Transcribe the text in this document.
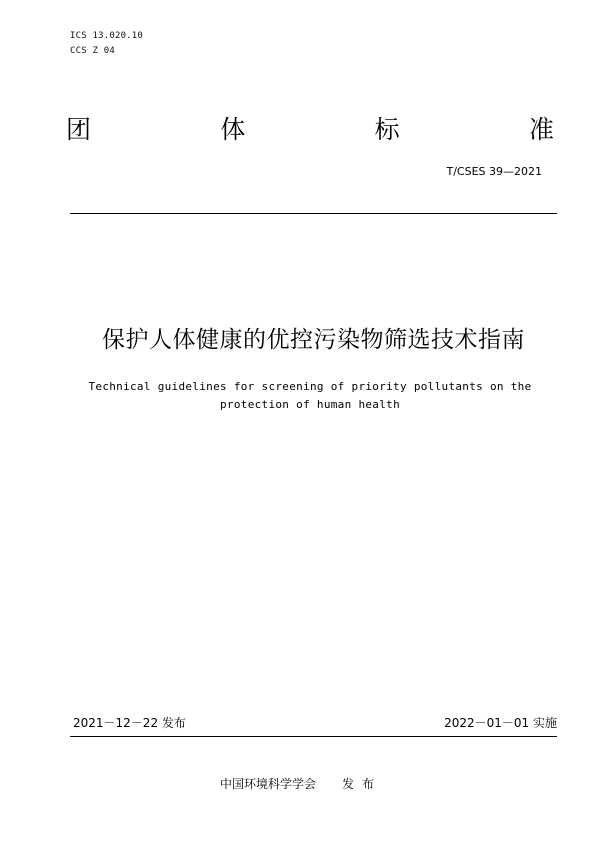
ICS 13.020.10
CCS Z 04
团	体	标	准
T/CSES 39—2021
保护人体健康的优控污染物筛选技术指南
Technical guidelines for screening of priority pollutants on the
protection of human health
2021－12－22 发布	2022－01－01 实施
中国环境科学学会 发布
